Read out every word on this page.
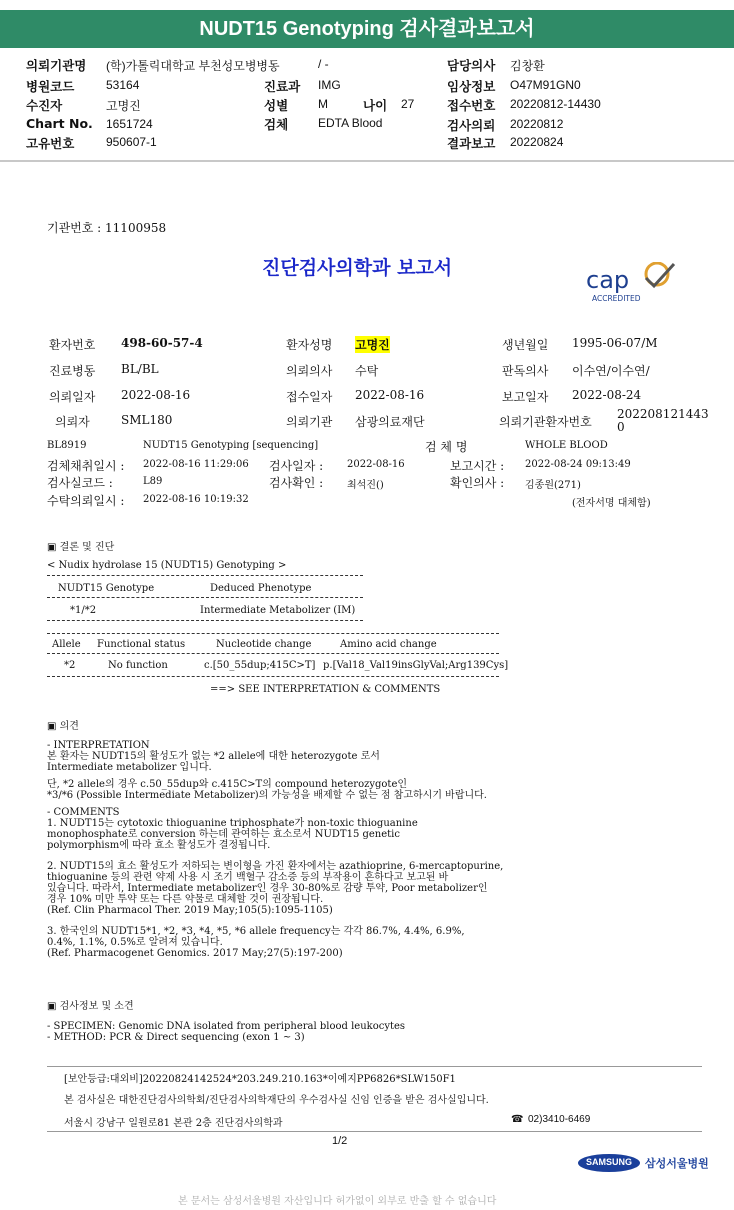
NUDT15 Genotyping 검사결과보고서
의뢰기관명 (학)가톨릭대학교 부천성모병병동	/ -	담당의사 김창환
병원코드	53164	진료과 IMG	임상정보 O47M91GN0
수진자	고명진	성별 M	나이 27	접수번호 20220812-14430
Chart No. 1651724	검체 EDTA Blood	검사의뢰 20220812
고유번호	950607-1	결과보고 20220824
기관번호 : 11100958
진단검사의학과 보고서	cap
ACCREDITED
환자번호 498-60-57-4	환자성명 고명진	생년월일 1995-06-07/M
진료병동 BL/BL	의뢰의사 수탁	판독의사 이수연/이수연/
의뢰일자 2022-08-16	접수일자 2022-08-16	보고일자 2022-08-24
의뢰자	SML180	의뢰기관 삼광의료재단	의뢰기관환자번호
202208121443
0
BL8919	NUDT15 Genotyping [sequencing]	검 체 명	WHOLE BLOOD
검체채취일시 : 2022-08-16 11:29:06 검사일자 : 2022-08-16	보고시간 : 2022-08-24 09:13:49
검사실코드 :	L89	검사확인 : 최석진()	확인의사 : 김종원(271)
수탁의뢰일시 : 2022-08-16 10:19:32	(전자서명 대체함)
▣ 결론 및 진단
< Nudix hydrolase 15 (NUDT15) Genotyping >
NUDT15 Genotype	Deduced Phenotype
*1/*2	Intermediate Metabolizer (IM)
Allele Functional status	Nucleotide change	Amino acid change
*2	No function	c.[50_55dup;415C>T] p.[Val18_Val19insGlyVal;Arg139Cys]
==> SEE INTERPRETATION & COMMENTS
▣ 의견
- INTERPRETATION
본 환자는 NUDT15의 활성도가 없는 *2 allele에 대한 heterozygote 로서
Intermediate metabolizer 입니다.
단, *2 allele의 경우 c.50_55dup와 c.415C>T의 compound heterozygote인
*3/*6 (Possible Intermediate Metabolizer)의 가능성을 배제할 수 없는 점 참고하시기 바랍니다.
- COMMENTS
1. NUDT15는 cytotoxic thioguanine triphosphate가 non-toxic thioguanine
monophosphate로 conversion 하는데 관여하는 효소로서 NUDT15 genetic
polymorphism에 따라 효소 활성도가 결정됩니다.
2. NUDT15의 효소 활성도가 저하되는 변이형을 가진 환자에서는 azathioprine, 6-mercaptopurine,
thioguanine 등의 관련 약제 사용 시 조기 백혈구 감소증 등의 부작용이 흔하다고 보고된 바
있습니다. 따라서, Intermediate metabolizer인 경우 30-80%로 감량 투약, Poor metabolizer인
경우 10% 미만 투약 또는 다른 약물로 대체할 것이 권장됩니다.
(Ref. Clin Pharmacol Ther. 2019 May;105(5):1095-1105)
3. 한국인의 NUDT15*1, *2, *3, *4, *5, *6 allele frequency는 각각 86.7%, 4.4%, 6.9%,
0.4%, 1.1%, 0.5%로 알려져 있습니다.
(Ref. Pharmacogenet Genomics. 2017 May;27(5):197-200)
▣ 검사정보 및 소견
- SPECIMEN: Genomic DNA isolated from peripheral blood leukocytes
- METHOD: PCR & Direct sequencing (exon 1 ~ 3)
[보안등급:대외비]20220824142524*203.249.210.163*이예지PP6826*SLW150F1
본 검사실은 대한진단검사의학회/진단검사의학재단의 우수검사실 신임 인증을 받은 검사실입니다.
서울시 강남구 일원로81 본관 2층 진단검사의학과	☎ 02)3410-6469
1/2
SAMSUNG	삼성서울병원
본 문서는 삼성서울병원 자산입니다 허가없이 외부로 반출 할 수 없습니다
